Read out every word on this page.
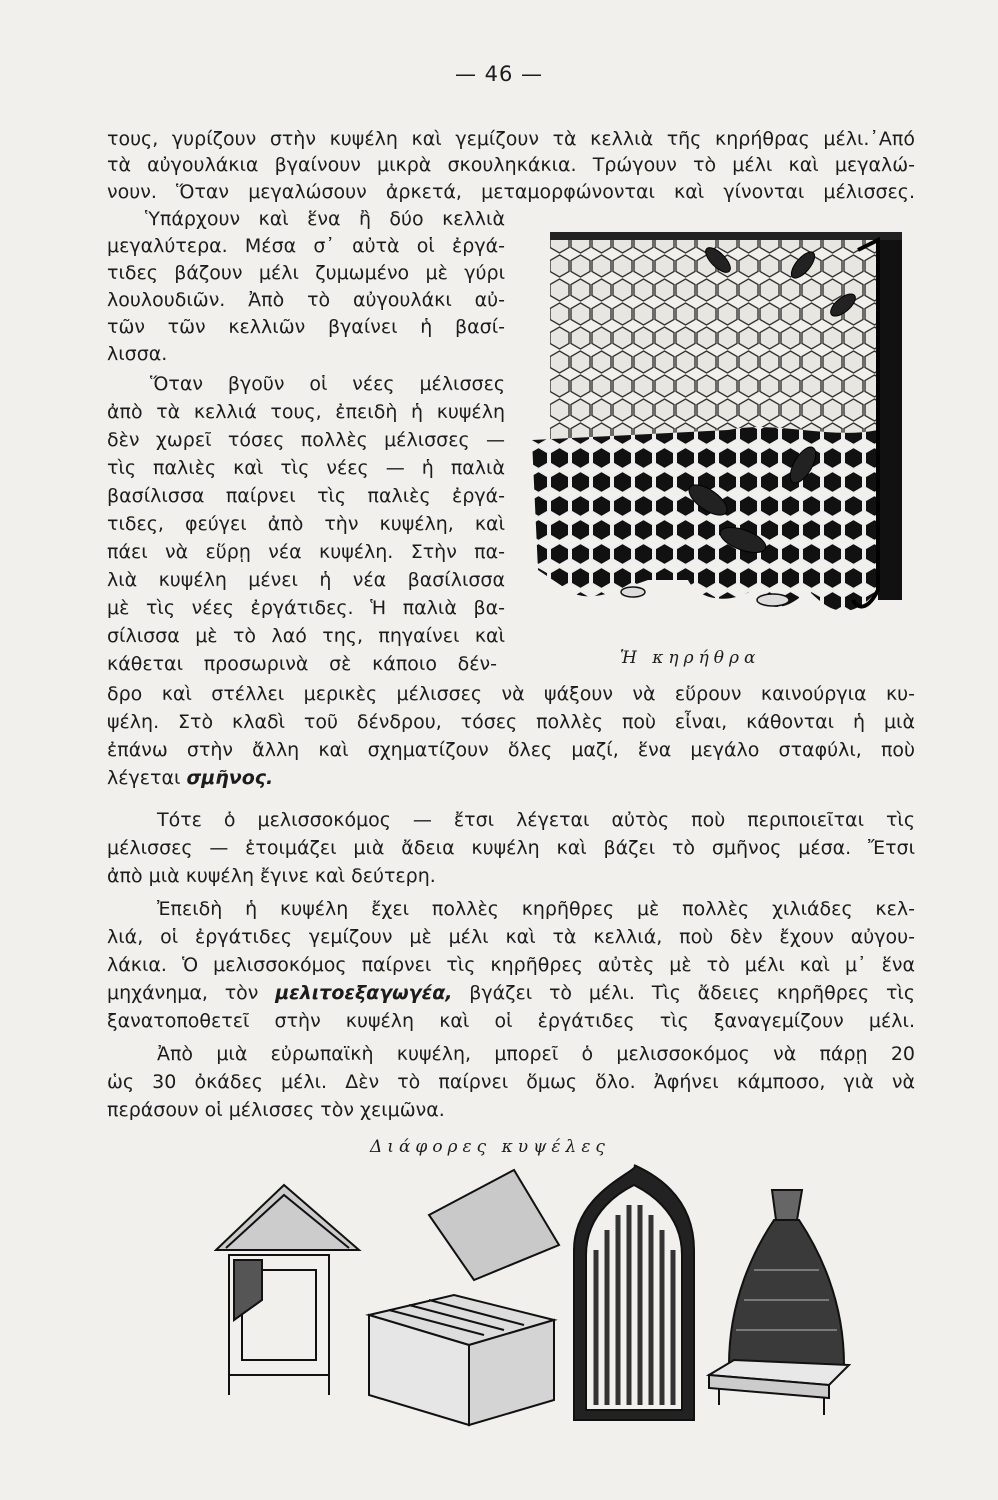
— 46 —
τους, γυρίζουν στὴν κυψέλη καὶ γεμίζουν τὰ κελλιὰ τῆς κηρήθρας μέλι.᾽Από
τὰ αὐγουλάκια βγαίνουν μικρὰ σκουληκάκια. Τρώγουν τὸ μέλι καὶ μεγαλώ-
νουν. Ὅταν μεγαλώσουν ἀρκετά, μεταμορφώνονται καὶ γίνονται μέλισσες.
Ὑπάρχουν καὶ ἕνα ἢ δύο κελλιὰ
μεγαλύτερα. Μέσα σ᾽ αὐτὰ οἱ ἐργά-
τιδες βάζουν μέλι ζυμωμένο μὲ γύρι
λουλουδιῶν. Ἀπὸ τὸ αὐγουλάκι αὐ-
τῶν τῶν κελλιῶν βγαίνει ἡ βασί-
λισσα.
Ὅταν βγοῦν οἱ νέες μέλισσες
ἀπὸ τὰ κελλιά τους, ἐπειδὴ ἡ κυψέλη
δὲν χωρεῖ τόσες πολλὲς μέλισσες —
τὶς παλιὲς καὶ τὶς νέες — ἡ παλιὰ
βασίλισσα παίρνει τὶς παλιὲς ἐργά-
τιδες, φεύγει ἀπὸ τὴν κυψέλη, καὶ
πάει νὰ εὕρῃ νέα κυψέλη. Στὴν πα-
λιὰ κυψέλη μένει ἡ νέα βασίλισσα
μὲ τὶς νέες ἐργάτιδες. Ἡ παλιὰ βα-
σίλισσα μὲ τὸ λαό της, πηγαίνει καὶ
κάθεται προσωρινὰ σὲ κάποιο δέν-
δρο καὶ στέλλει μερικὲς μέλισσες νὰ ψάξουν νὰ εὕρουν καινούργια κυ-
ψέλη. Στὸ κλαδὶ τοῦ δένδρου, τόσες πολλὲς ποὺ εἶναι, κάθονται ἡ μιὰ
ἐπάνω στὴν ἄλλη καὶ σχηματίζουν ὅλες μαζί, ἕνα μεγάλο σταφύλι, ποὺ
λέγεται σμῆνος.
Τότε ὁ μελισσοκόμος — ἔτσι λέγεται αὐτὸς ποὺ περιποιεῖται τὶς
μέλισσες — ἑτοιμάζει μιὰ ἄδεια κυψέλη καὶ βάζει τὸ σμῆνος μέσα. Ἔτσι
ἀπὸ μιὰ κυψέλη ἔγινε καὶ δεύτερη.
Ἐπειδὴ ἡ κυψέλη ἔχει πολλὲς κηρῆθρες μὲ πολλὲς χιλιάδες κελ-
λιά, οἱ ἐργάτιδες γεμίζουν μὲ μέλι καὶ τὰ κελλιά, ποὺ δὲν ἔχουν αὐγου-
λάκια. Ὁ μελισσοκόμος παίρνει τὶς κηρῆθρες αὐτὲς μὲ τὸ μέλι καὶ μ᾽ ἕνα
μηχάνημα, τὸν μελιτοεξαγωγέα, βγάζει τὸ μέλι. Τὶς ἄδειες κηρῆθρες τὶς
ξανατοποθετεῖ στὴν κυψέλη καὶ οἱ ἐργάτιδες τὶς ξαναγεμίζουν μέλι.
Ἀπὸ μιὰ εὐρωπαϊκὴ κυψέλη, μπορεῖ ὁ μελισσοκόμος νὰ πάρῃ 20
ὡς 30 ὀκάδες μέλι. Δὲν τὸ παίρνει ὅμως ὅλο. Ἀφήνει κάμποσο, γιὰ νὰ
περάσουν οἱ μέλισσες τὸν χειμῶνα.
Ἡ κηρήθρα
Διάφορες κυψέλες
